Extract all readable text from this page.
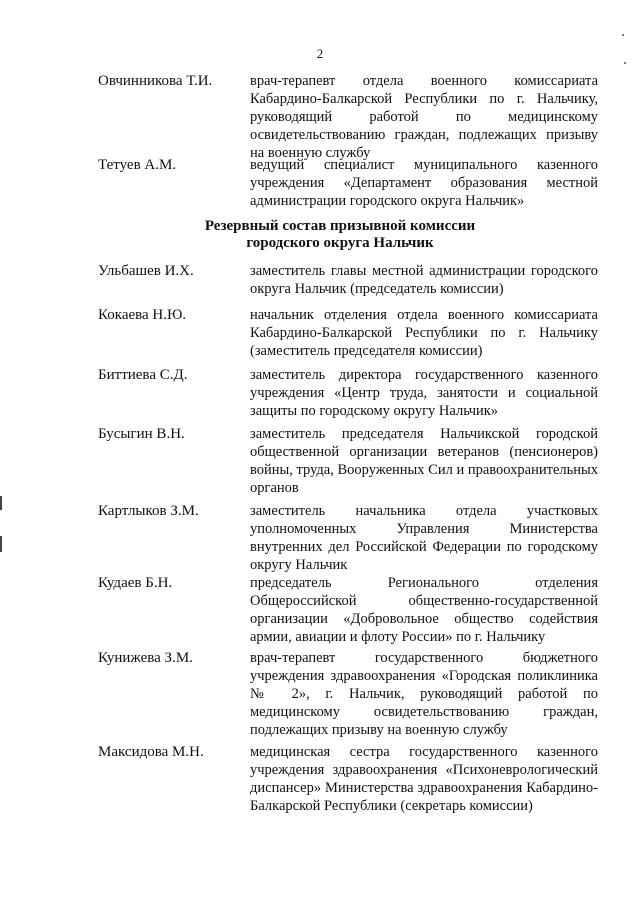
2
Овчинникова Т.И.	врач-терапевт отдела военного комиссариата Кабардино-Балкарской Республики по г. Нальчику, руководящий работой по медицинскому освидетельствованию граждан, подлежащих призыву на военную службу
Тетуев А.М.	ведущий специалист муниципального казенного учреждения «Департамент образования местной администрации городского округа Нальчик»
Резервный состав призывной комиссии
городского округа Нальчик
Ульбашев И.Х.	заместитель главы местной администрации городского округа Нальчик (председатель комиссии)
Кокаева Н.Ю.	начальник отделения отдела военного комиссариата Кабардино-Балкарской Республики по г. Нальчику (заместитель председателя комиссии)
Биттиева С.Д.	заместитель директора государственного казенного учреждения «Центр труда, занятости и социальной защиты по городскому округу Нальчик»
Бусыгин В.Н.	заместитель председателя Нальчикской городской общественной организации ветеранов (пенсионеров) войны, труда, Вооруженных Сил и правоохранительных органов
Картлыков З.М.	заместитель начальника отдела участковых уполномоченных Управления Министерства внутренних дел Российской Федерации по городскому округу Нальчик
Кудаев Б.Н.	председатель Регионального отделения Общероссийской общественно-государственной организации «Добровольное общество содействия армии, авиации и флоту России» по г. Нальчику
Кунижева З.М.	врач-терапевт государственного бюджетного учреждения здравоохранения «Городская поликлиника № 2», г. Нальчик, руководящий работой по медицинскому освидетельствованию граждан, подлежащих призыву на военную службу
Максидова М.Н.	медицинская сестра государственного казенного учреждения здравоохранения «Психоневрологический диспансер» Министерства здравоохранения Кабардино-Балкарской Республики (секретарь комиссии)
